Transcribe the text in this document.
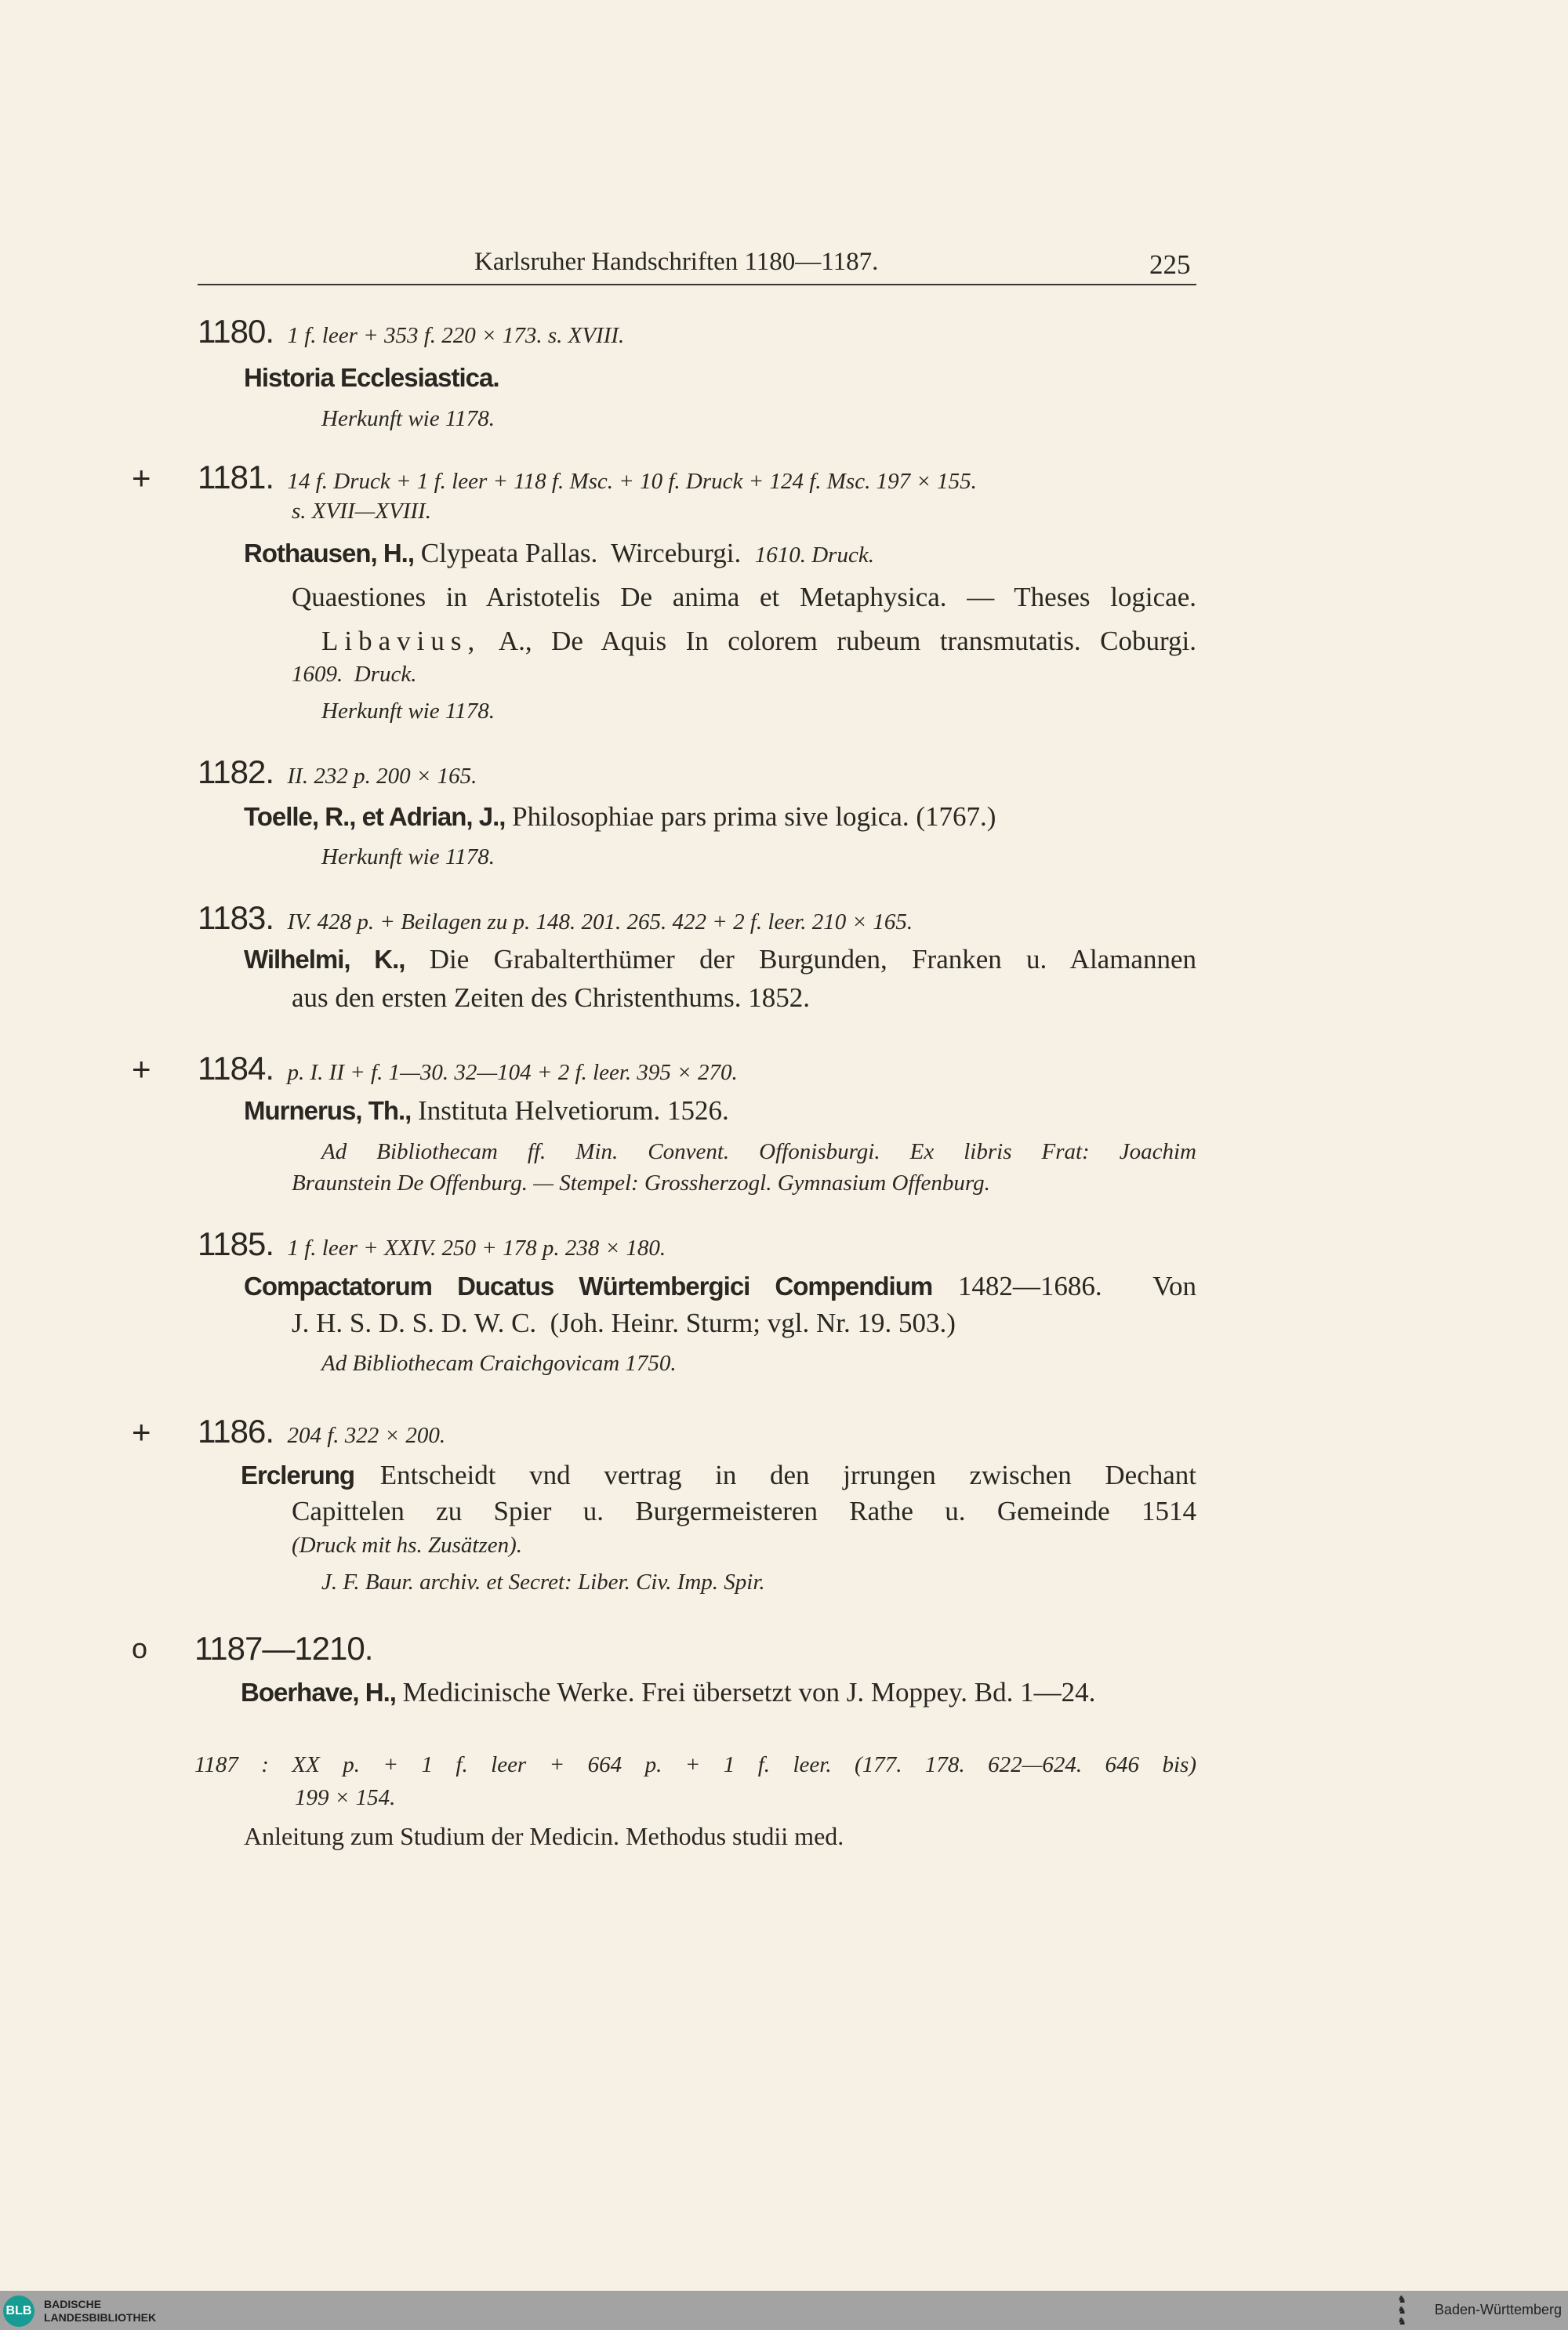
Karlsruher Handschriften 1180—1187.	225
1180. 1 f. leer + 353 f. 220 × 173. s. XVIII.
Historia Ecclesiastica.
Herkunft wie 1178.
+ 1181. 14 f. Druck + 1 f. leer + 118 f. Msc. + 10 f. Druck + 124 f. Msc. 197 × 155.
s. XVII—XVIII.
Rothausen, H., Clypeata Pallas.  Wirceburgi. 1610. Druck.
Quaestiones in Aristotelis De anima et Metaphysica. — Theses logicae.
Libavius, A., De Aquis In colorem rubeum transmutatis. Coburgi.
1609.  Druck.
Herkunft wie 1178.
1182. II. 232 p. 200 × 165.
Toelle, R., et Adrian, J., Philosophiae pars prima sive logica. (1767.)
Herkunft wie 1178.
1183. IV. 428 p. + Beilagen zu p. 148. 201. 265. 422 + 2 f. leer. 210 × 165.
Wilhelmi, K., Die Grabalterthümer der Burgunden, Franken u. Alamannen
aus den ersten Zeiten des Christenthums. 1852.
+ 1184. p. I. II + f. 1—30. 32—104 + 2 f. leer. 395 × 270.
Murnerus, Th., Instituta Helvetiorum. 1526.
Ad Bibliothecam ff. Min. Convent. Offonisburgi. Ex libris Frat: Joachim
Braunstein De Offenburg. — Stempel: Grossherzogl. Gymnasium Offenburg.
1185. 1 f. leer + XXIV. 250 + 178 p. 238 × 180.
Compactatorum Ducatus Würtembergici Compendium 1482—1686.  Von
J. H. S. D. S. D. W. C.  (Joh. Heinr. Sturm; vgl. Nr. 19. 503.)
Ad Bibliothecam Craichgovicam 1750.
+ 1186. 204 f. 322 × 200.
Erclerung Entscheidt vnd vertrag in den jrrungen zwischen Dechant
Capittelen zu Spier u. Burgermeisteren Rathe u. Gemeinde 1514
(Druck mit hs. Zusätzen).
J. F. Baur. archiv. et Secret: Liber. Civ. Imp. Spir.
o 1187—1210.
Boerhave, H., Medicinische Werke. Frei übersetzt von J. Moppey. Bd. 1—24.
1187 : XX p. + 1 f. leer + 664 p. + 1 f. leer. (177. 178. 622—624. 646 bis)
199 × 154.
Anleitung zum Studium der Medicin. Methodus studii med.
BLB BADISCHE
LANDESBIBLIOTHEK
♞
♞
♞
Baden-Württemberg
